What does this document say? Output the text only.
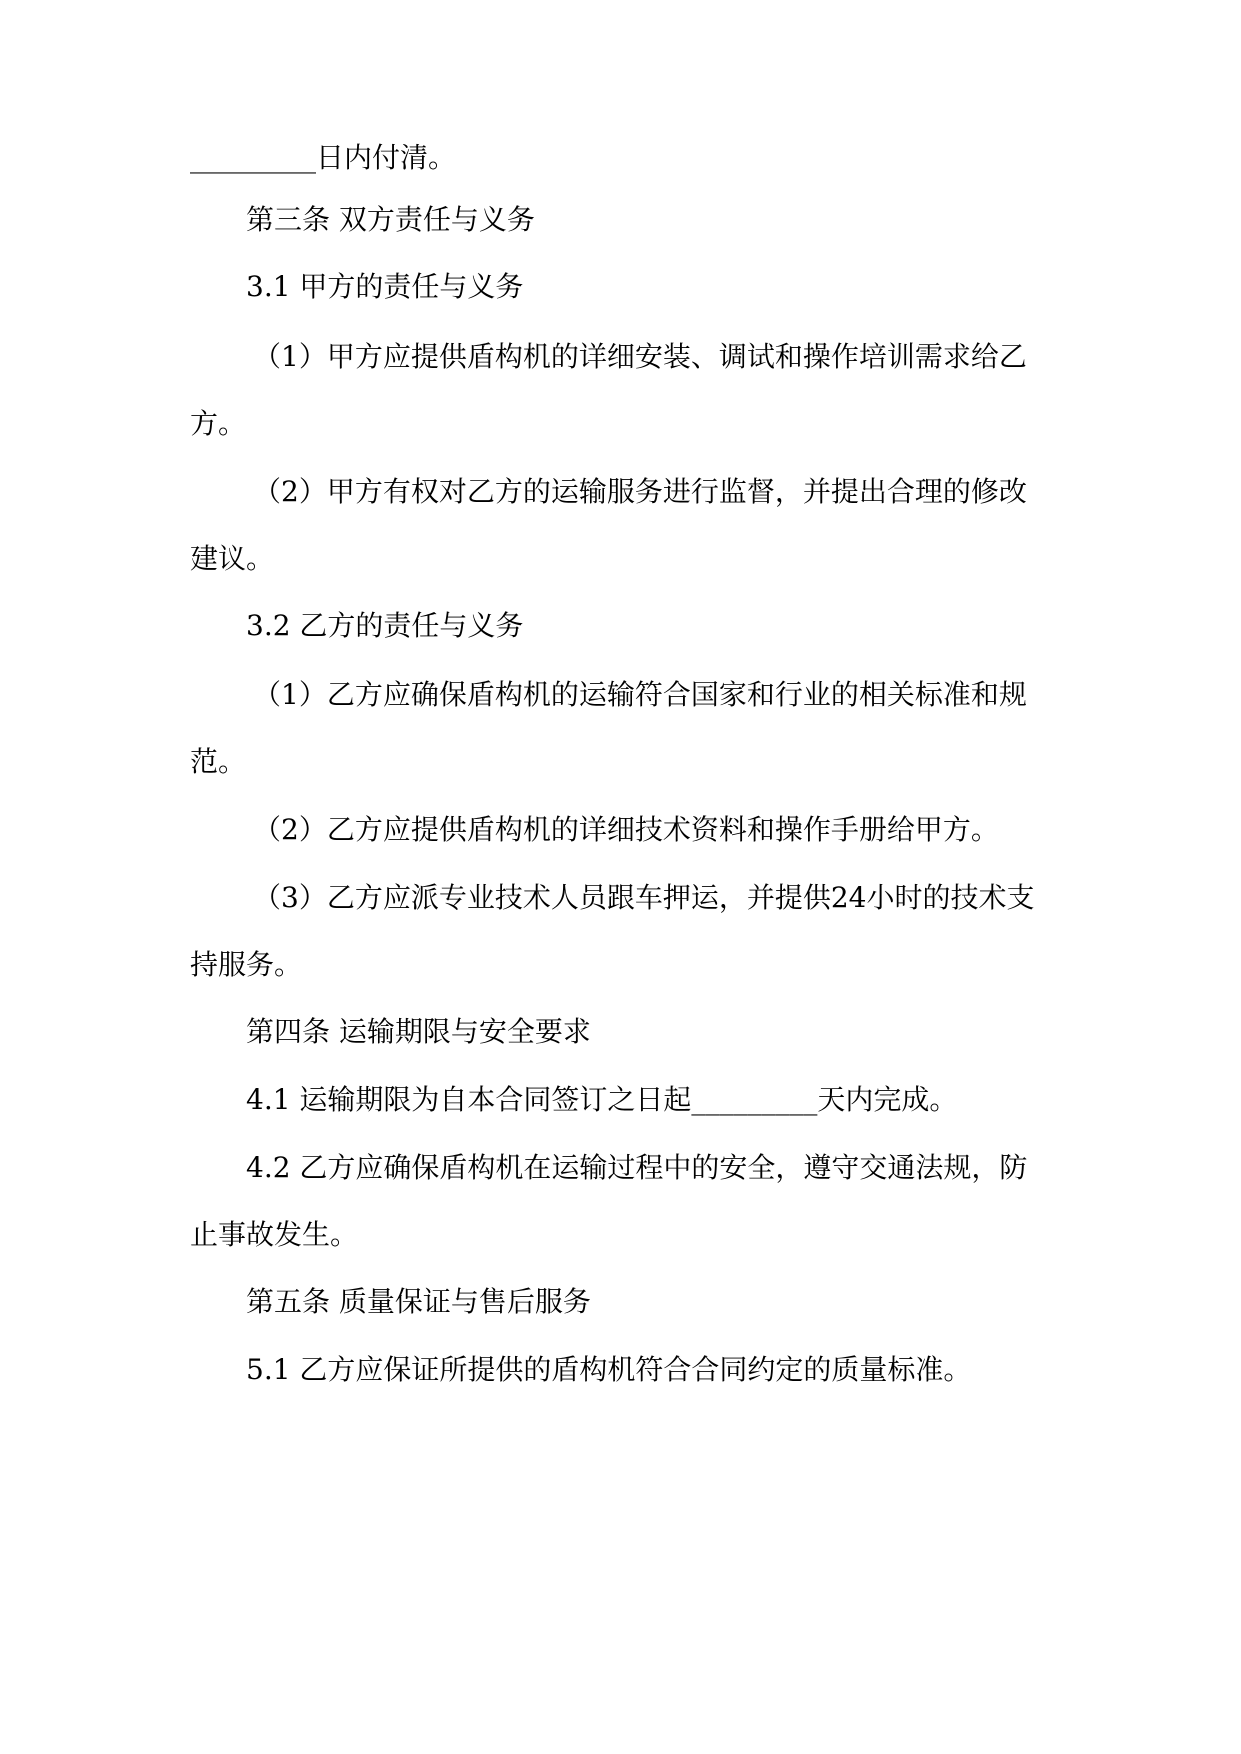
_________日内付清。
第三条 双方责任与义务
3.1 甲方的责任与义务
（1）甲方应提供盾构机的详细安装、调试和操作培训需求给乙
方。
（2）甲方有权对乙方的运输服务进行监督，并提出合理的修改
建议。
3.2 乙方的责任与义务
（1）乙方应确保盾构机的运输符合国家和行业的相关标准和规
范。
（2）乙方应提供盾构机的详细技术资料和操作手册给甲方。
（3）乙方应派专业技术人员跟车押运，并提供24小时的技术支
持服务。
第四条 运输期限与安全要求
4.1 运输期限为自本合同签订之日起_________天内完成。
4.2 乙方应确保盾构机在运输过程中的安全，遵守交通法规，防
止事故发生。
第五条 质量保证与售后服务
5.1 乙方应保证所提供的盾构机符合合同约定的质量标准。
